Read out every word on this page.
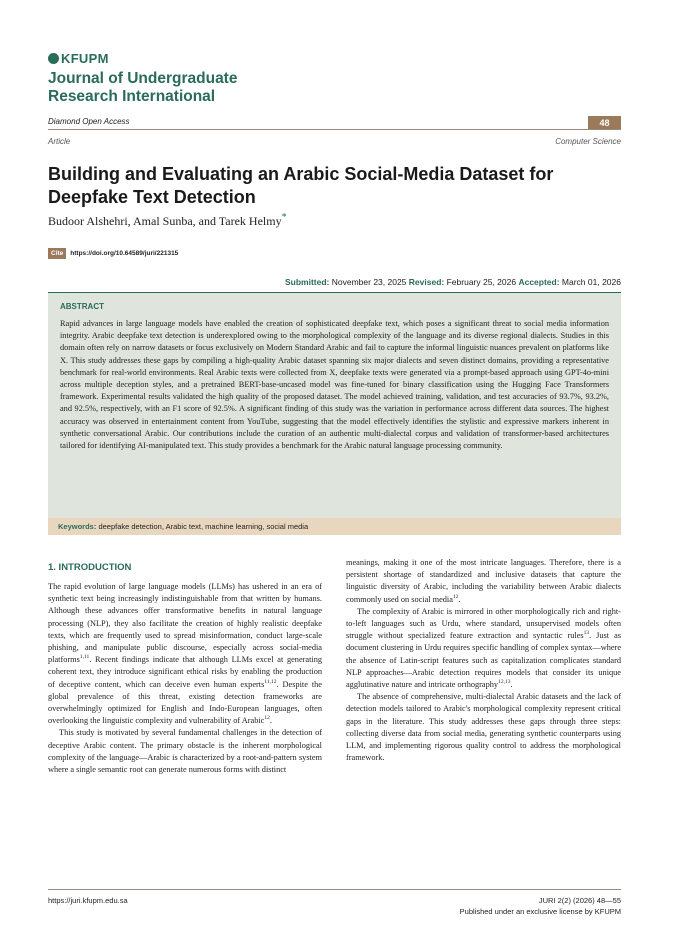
KFUPM
Journal of Undergraduate
Research International
Diamond Open Access	48
Article	Computer Science
Building and Evaluating an Arabic Social-Media Dataset for Deepfake Text Detection
Budoor Alshehri, Amal Sunba, and Tarek Helmy*
Cite	https://doi.org/10.64589/juri/221315
Submitted: November 23, 2025 Revised: February 25, 2026 Accepted: March 01, 2026
ABSTRACT
Rapid advances in large language models have enabled the creation of sophisticated deepfake text, which poses a significant threat to social media information integrity. Arabic deepfake text detection is underexplored owing to the morphological complexity of the language and its diverse regional dialects. Studies in this domain often rely on narrow datasets or focus exclusively on Modern Standard Arabic and fail to capture the informal linguistic nuances prevalent on platforms like X. This study addresses these gaps by compiling a high-quality Arabic dataset spanning six major dialects and seven distinct domains, providing a representative benchmark for real-world environments. Real Arabic texts were collected from X, deepfake texts were generated via a prompt-based approach using GPT-4o-mini across multiple deception styles, and a pretrained BERT-base-uncased model was fine-tuned for binary classification using the Hugging Face Transformers framework. Experimental results validated the high quality of the proposed dataset. The model achieved training, validation, and test accuracies of 93.7%, 93.2%, and 92.5%, respectively, with an F1 score of 92.5%. A significant finding of this study was the variation in performance across different data sources. The highest accuracy was observed in entertainment content from YouTube, suggesting that the model effectively identifies the stylistic and expressive markers inherent in synthetic conversational Arabic. Our contributions include the curation of an authentic multi-dialectal corpus and validation of transformer-based architectures tailored for identifying AI-manipulated text. This study provides a benchmark for the Arabic natural language processing community.
Keywords: deepfake detection, Arabic text, machine learning, social media
1. INTRODUCTION

The rapid evolution of large language models (LLMs) has ushered in an era of synthetic text being increasingly indistinguishable from that written by humans. Although these advances offer transformative benefits in natural language processing (NLP), they also facilitate the creation of highly realistic deepfake texts, which are frequently used to spread misinformation, conduct large-scale phishing, and manipulate public discourse, especially across social-media platforms$^{1,11}$. Recent findings indicate that although LLMs excel at generating coherent text, they introduce significant ethical risks by enabling the production of deceptive content, which can deceive even human experts$^{11,12}$. Despite the global prevalence of this threat, existing detection frameworks are overwhelmingly optimized for English and Indo-European languages, often overlooking the linguistic complexity and vulnerability of Arabic$^{12}$.

This study is motivated by several fundamental challenges in the detection of deceptive Arabic content. The primary obstacle is the inherent morphological complexity of the language—Arabic is characterized by a root-and-pattern system where a single semantic root can generate numerous forms with distinct

meanings, making it one of the most intricate languages. Therefore, there is a persistent shortage of standardized and inclusive datasets that capture the linguistic diversity of Arabic, including the variability between Arabic dialects commonly used on social media$^{12}$.

The complexity of Arabic is mirrored in other morphologically rich and right-to-left languages such as Urdu, where standard, unsupervised models often struggle without specialized feature extraction and syntactic rules$^{13}$. Just as document clustering in Urdu requires specific handling of complex syntax—where the absence of Latin-script features such as capitalization complicates standard NLP approaches—Arabic detection requires models that consider its unique agglutinative nature and intricate orthography$^{12,13}$.

The absence of comprehensive, multi-dialectal Arabic datasets and the lack of detection models tailored to Arabic's morphological complexity represent critical gaps in the literature. This study addresses these gaps through three steps: collecting diverse data from social media, generating synthetic counterparts using LLM, and implementing rigorous quality control to address the morphological framework.

https://juri.kfupm.edu.sa	JURI 2(2) (2026) 48—55
Published under an exclusive license by KFUPM
